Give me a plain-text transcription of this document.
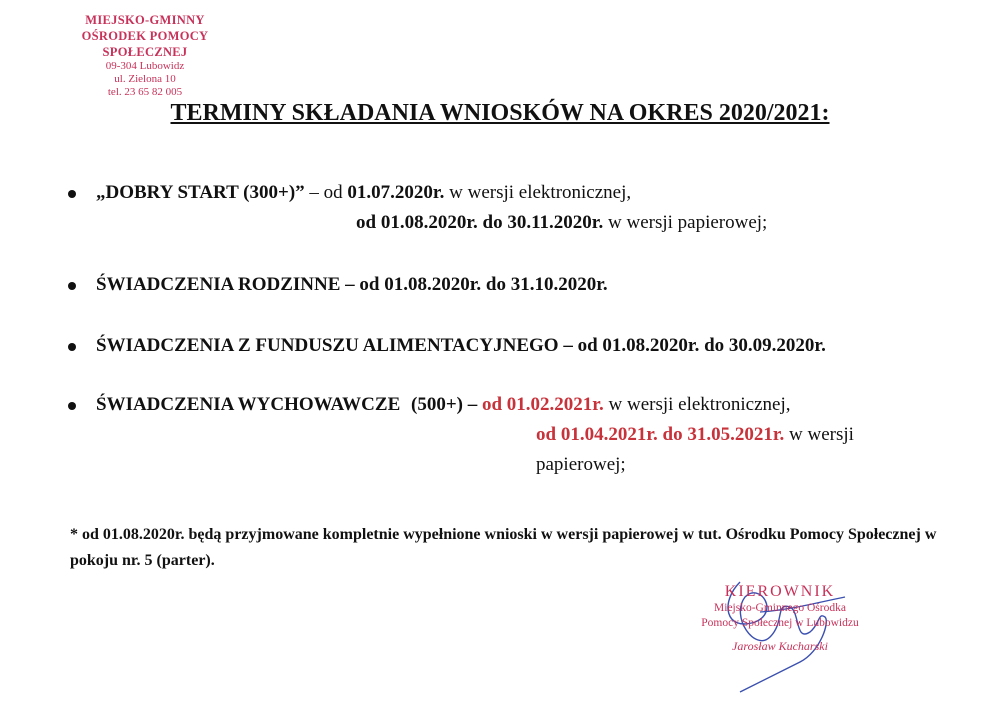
MIEJSKO-GMINNY
OŚRODEK POMOCY SPOŁECZNEJ
09-304 Lubowidz
ul. Zielona 10
tel. 23 65 82 005
TERMINY SKŁADANIA WNIOSKÓW NA OKRES 2020/2021:
„DOBRY START (300+)” – od 01.07.2020r. w wersji elektronicznej,
od 01.08.2020r. do 30.11.2020r. w wersji papierowej;
ŚWIADCZENIA RODZINNE – od 01.08.2020r. do 31.10.2020r.
ŚWIADCZENIA Z FUNDUSZU ALIMENTACYJNEGO – od 01.08.2020r. do 30.09.2020r.
ŚWIADCZENIA WYCHOWAWCZE (500+) – od 01.02.2021r. w wersji elektronicznej,
od 01.04.2021r. do 31.05.2021r. w wersji
papierowej;
* od 01.08.2020r. będą przyjmowane kompletnie wypełnione wnioski w wersji papierowej w tut. Ośrodku Pomocy Społecznej w pokoju nr. 5 (parter).
KIEROWNIK
Miejsko-Gminnego Ośrodka
Pomocy Społecznej w Lubowidzu
Jarosław Kucharski
